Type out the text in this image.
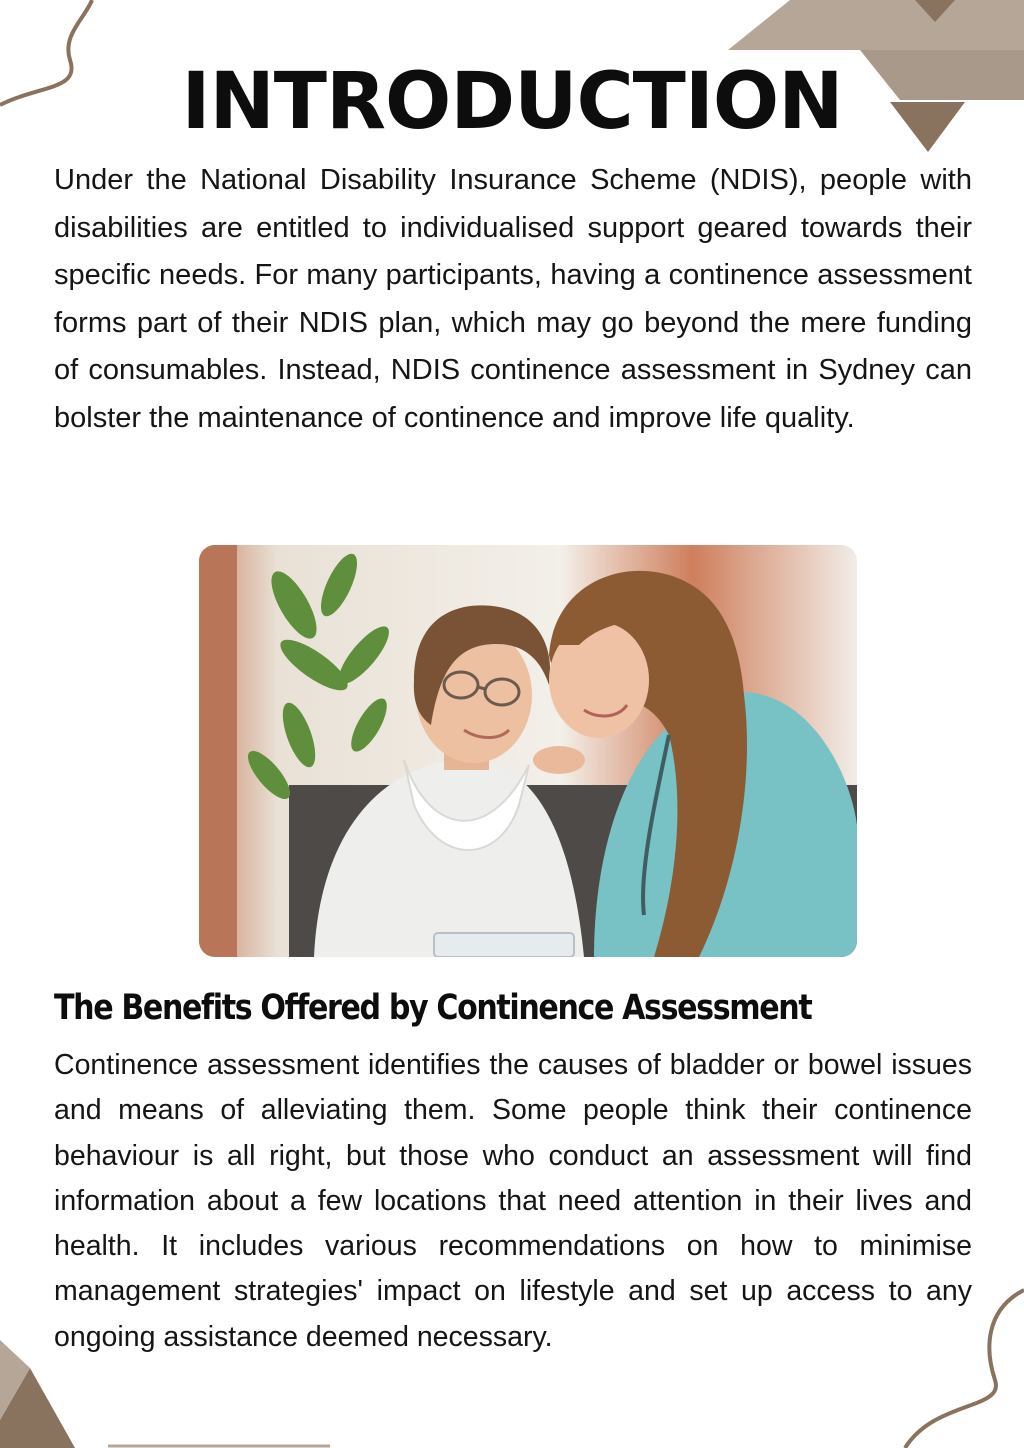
INTRODUCTION

Under the National Disability Insurance Scheme (NDIS), people with disabilities are entitled to individualised support geared towards their specific needs. For many participants, having a continence assessment forms part of their NDIS plan, which may go beyond the mere funding of consumables. Instead, NDIS continence assessment in Sydney can bolster the maintenance of continence and improve life quality.

The Benefits Offered by Continence Assessment

Continence assessment identifies the causes of bladder or bowel issues and means of alleviating them. Some people think their continence behaviour is all right, but those who conduct an assessment will find information about a few locations that need attention in their lives and health. It includes various recommendations on how to minimise management strategies' impact on lifestyle and set up access to any ongoing assistance deemed necessary.
